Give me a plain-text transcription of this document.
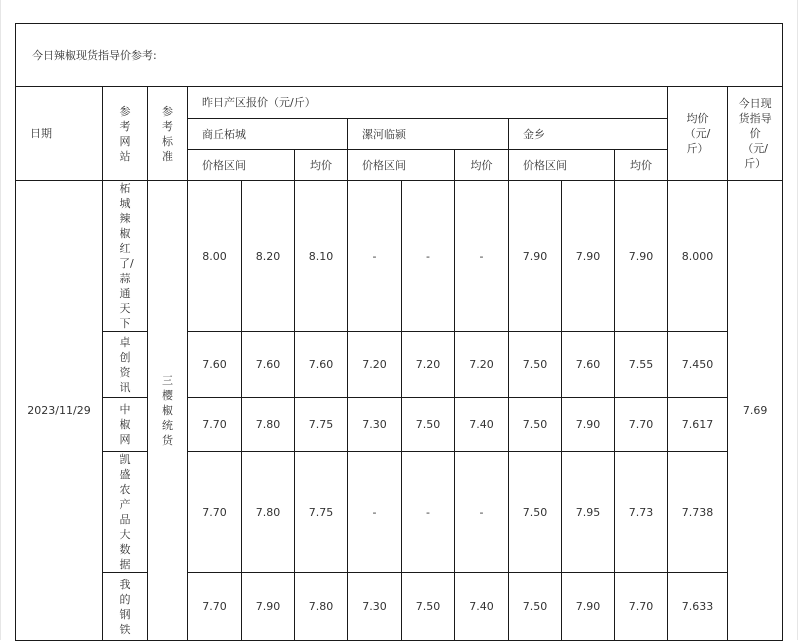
今日辣椒现货指导价参考:													
日期	参考网站	参考标准	昨日产区报价（元/斤）									均价（元/斤）	今日现货指导价（元/斤）
			商丘柘城			漯河临颍			金乡				
			价格区间		均价	价格区间		均价	价格区间		均价		
2023/11/29	柘城辣椒红了/蒜通天下	三樱椒统货	8.00	8.20	8.10	-	-	-	7.90	7.90	7.90	8.000	7.69
	卓创资讯		7.60	7.60	7.60	7.20	7.20	7.20	7.50	7.60	7.55	7.450	
	中椒网		7.70	7.80	7.75	7.30	7.50	7.40	7.50	7.90	7.70	7.617	
	凯盛农产品大数据		7.70	7.80	7.75	-	-	-	7.50	7.95	7.73	7.738	
	我的钢铁		7.70	7.90	7.80	7.30	7.50	7.40	7.50	7.90	7.70	7.633	
